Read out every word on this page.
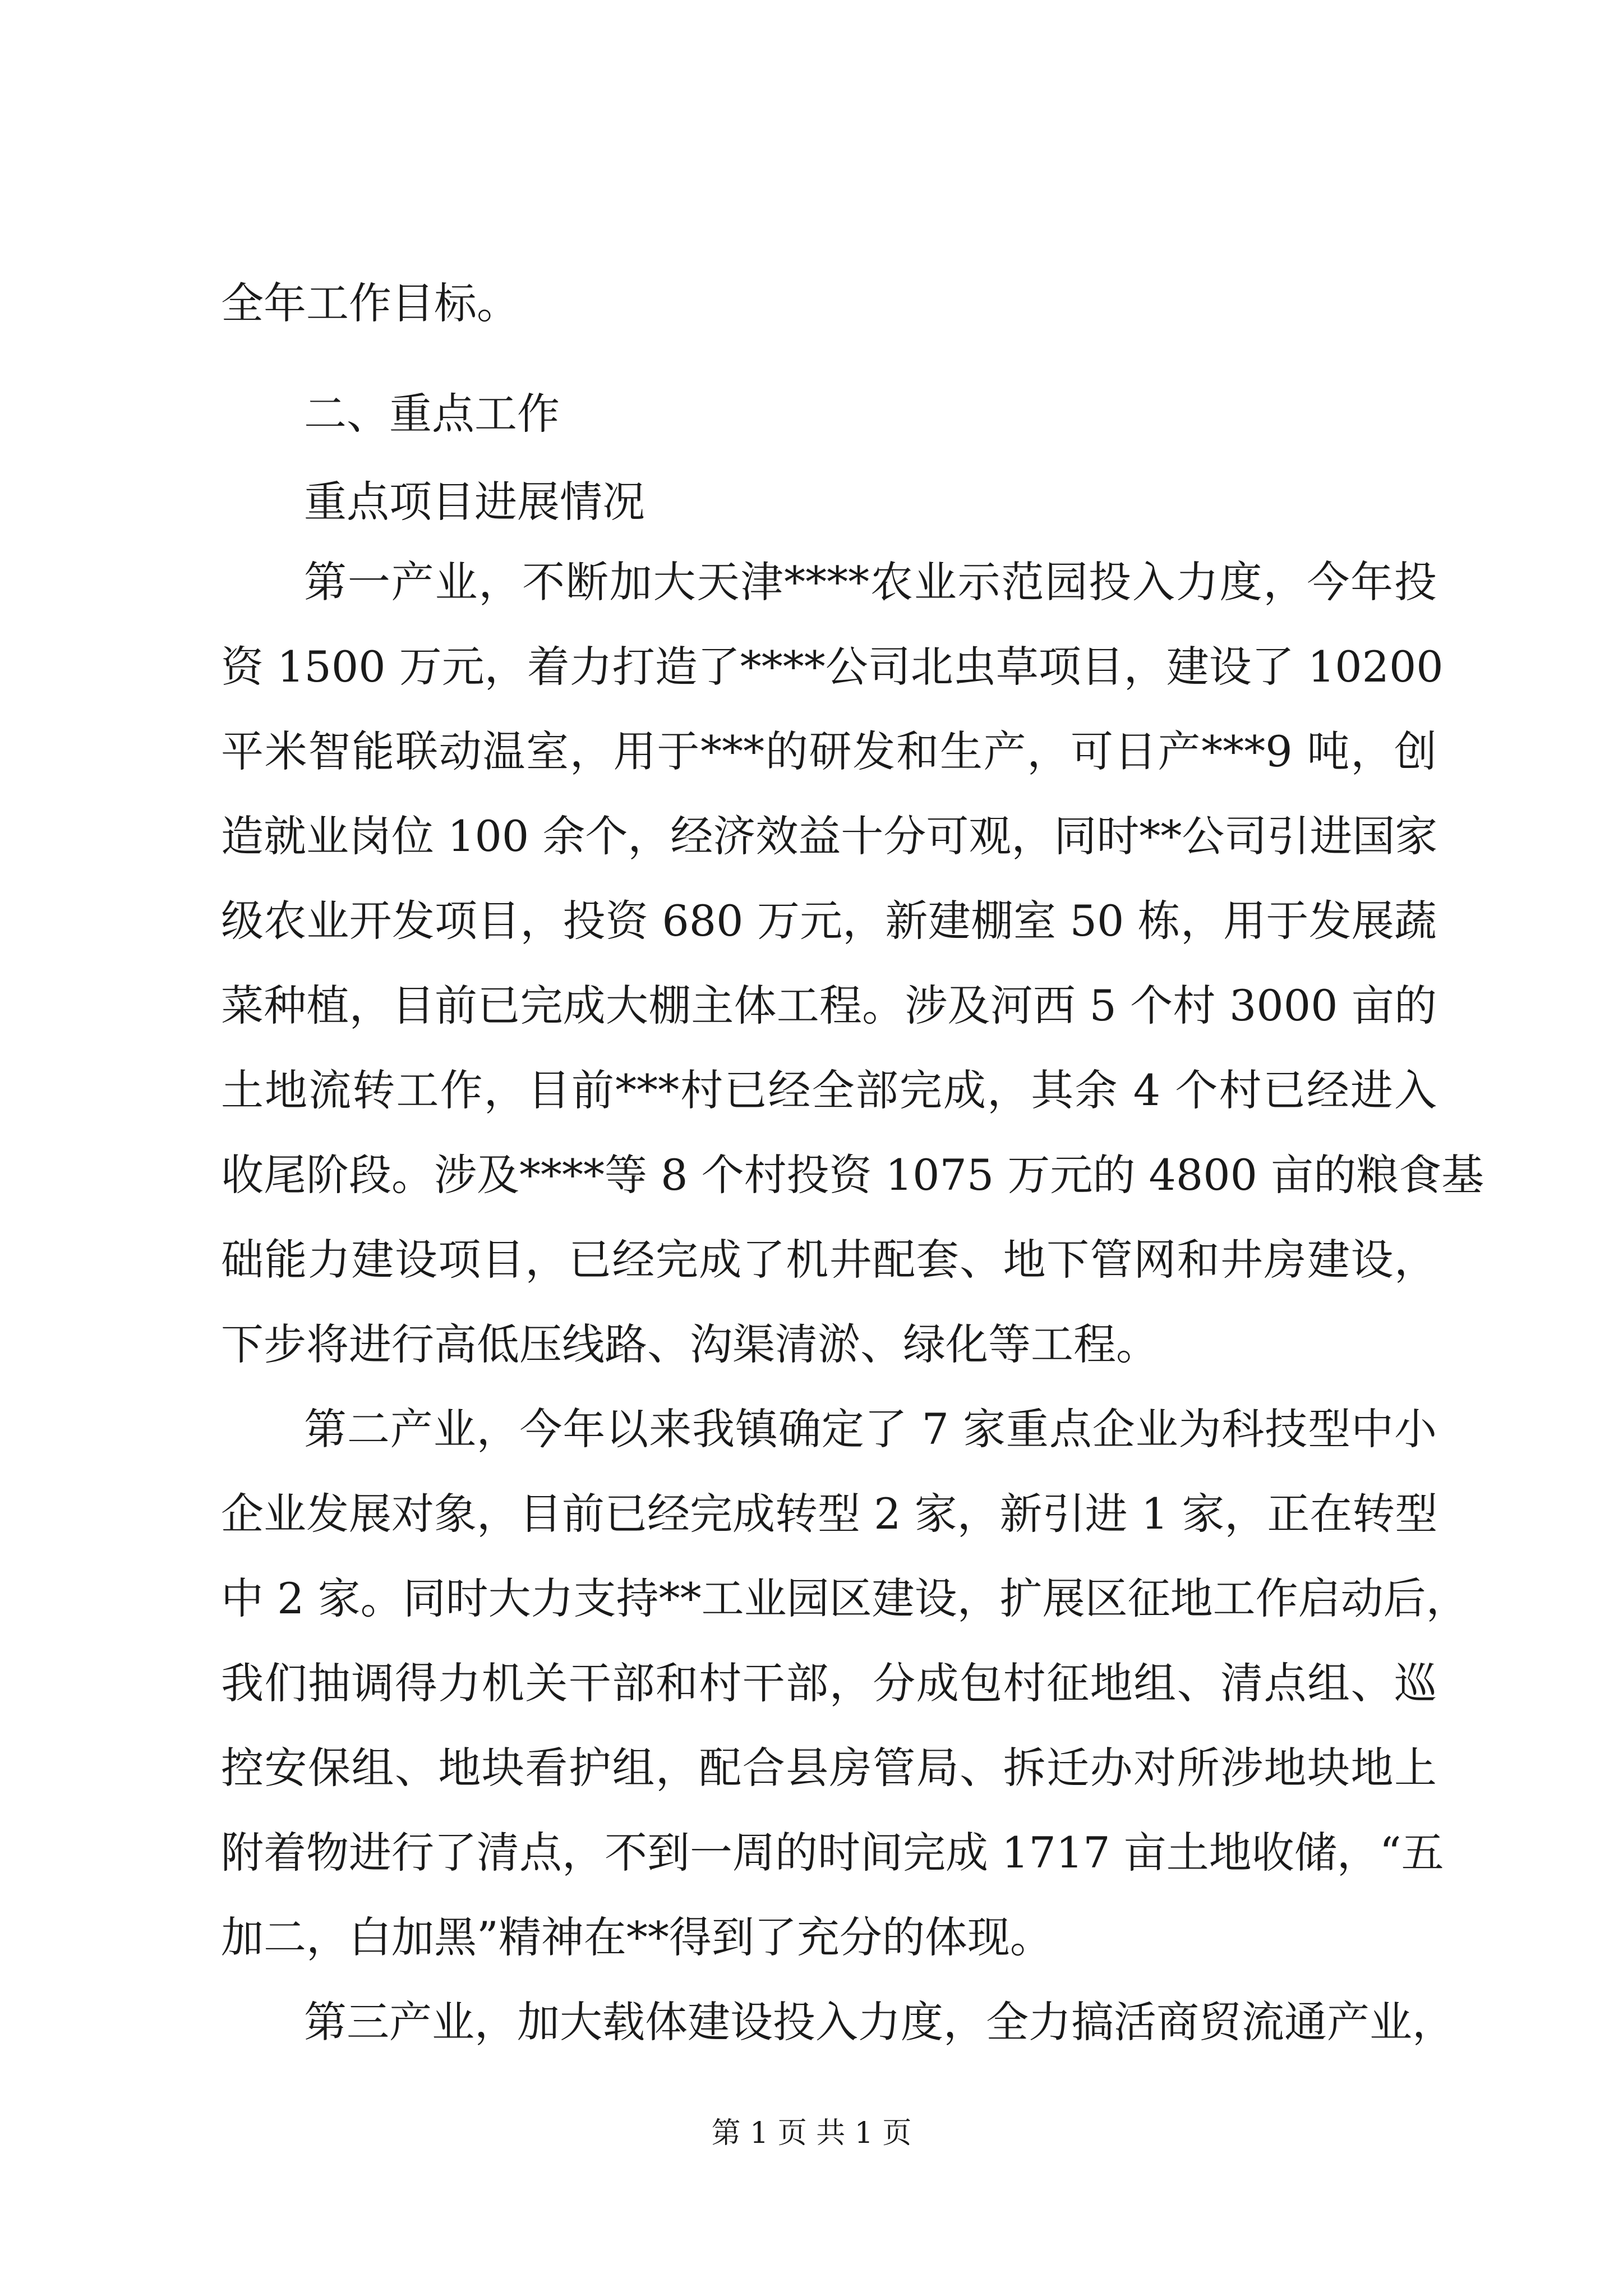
全年工作目标。

二、重点工作

重点项目进展情况

第一产业，不断加大天津****农业示范园投入力度，今年投

资 1500 万元，着力打造了****公司北虫草项目，建设了 10200

平米智能联动温室，用于***的研发和生产，可日产***9 吨，创

造就业岗位 100 余个，经济效益十分可观，同时**公司引进国家

级农业开发项目，投资 680 万元，新建棚室 50 栋，用于发展蔬

菜种植，目前已完成大棚主体工程。涉及河西 5 个村 3000 亩的

土地流转工作，目前***村已经全部完成，其余 4 个村已经进入

收尾阶段。涉及****等 8 个村投资 1075 万元的 4800 亩的粮食基

础能力建设项目，已经完成了机井配套、地下管网和井房建设，

下步将进行高低压线路、沟渠清淤、绿化等工程。

第二产业，今年以来我镇确定了 7 家重点企业为科技型中小

企业发展对象，目前已经完成转型 2 家，新引进 1 家，正在转型

中 2 家。同时大力支持**工业园区建设，扩展区征地工作启动后，

我们抽调得力机关干部和村干部，分成包村征地组、清点组、巡

控安保组、地块看护组，配合县房管局、拆迁办对所涉地块地上

附着物进行了清点，不到一周的时间完成 1717 亩土地收储，“五

加二，白加黑”精神在**得到了充分的体现。

第三产业，加大载体建设投入力度，全力搞活商贸流通产业，

第 1 页 共 1 页
